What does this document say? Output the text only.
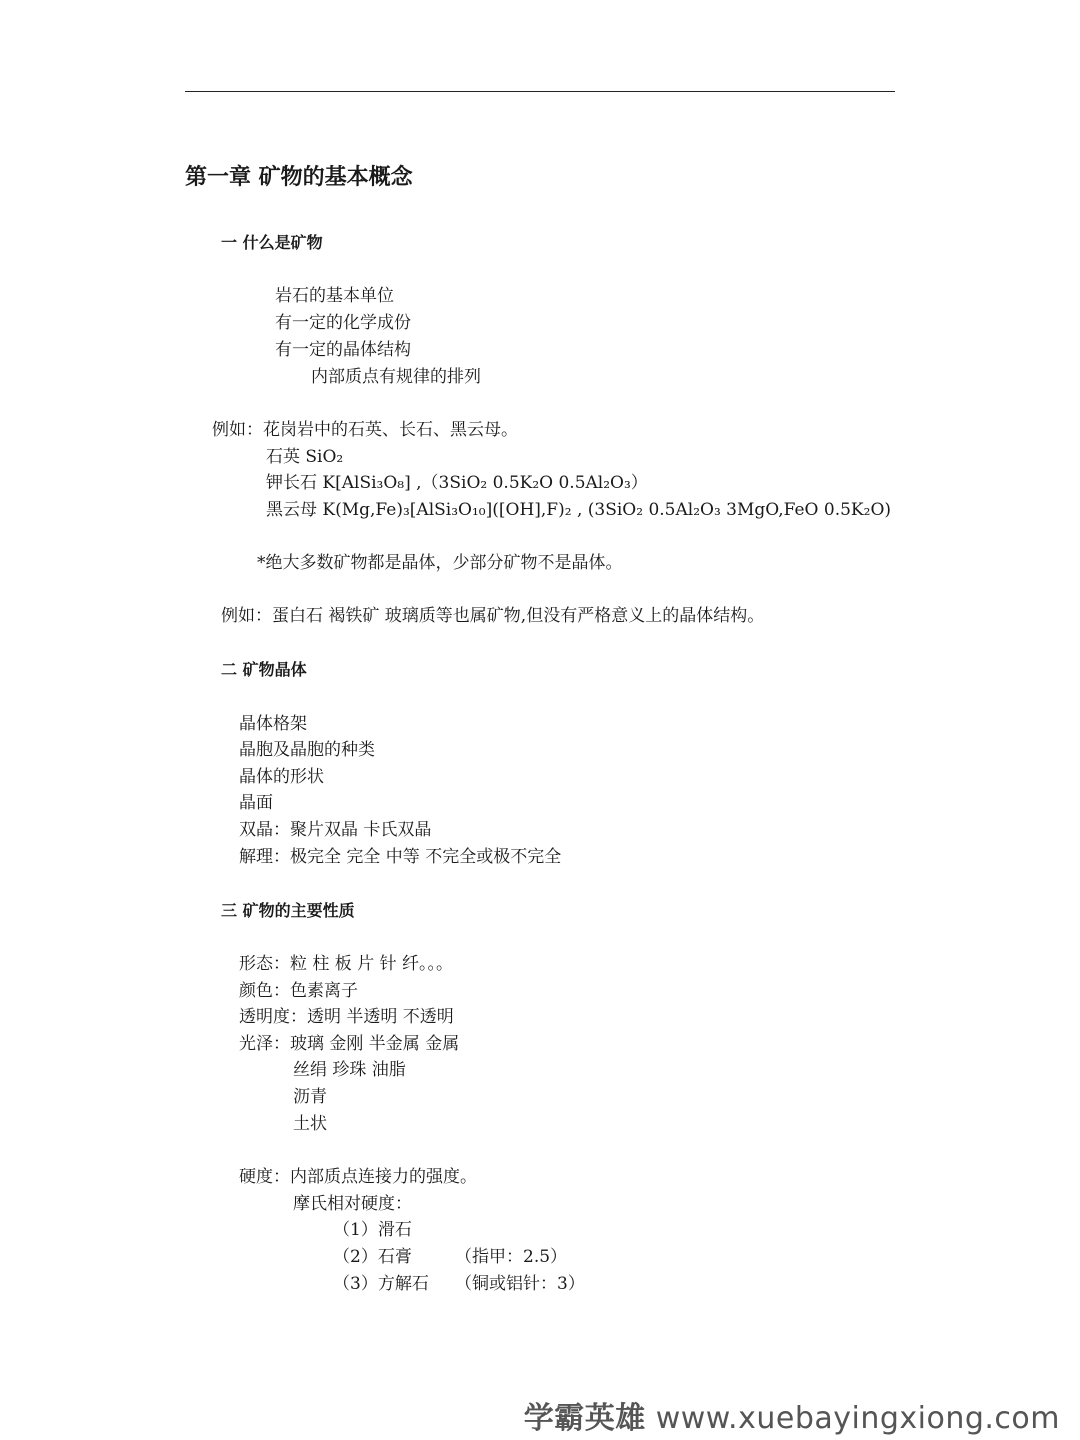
第一章 矿物的基本概念
一 什么是矿物
岩石的基本单位
有一定的化学成份
有一定的晶体结构
内部质点有规律的排列
例如：花岗岩中的石英、长石、黑云母。
石英 SiO₂
钾长石 K[AlSi₃O₈] ,（3SiO₂ 0.5K₂O 0.5Al₂O₃）
黑云母 K(Mg,Fe)₃[AlSi₃O₁₀]([OH],F)₂ , (3SiO₂ 0.5Al₂O₃ 3MgO,FeO 0.5K₂O)
*绝大多数矿物都是晶体，少部分矿物不是晶体。
例如：蛋白石 褐铁矿 玻璃质等也属矿物,但没有严格意义上的晶体结构。
二 矿物晶体
晶体格架
晶胞及晶胞的种类
晶体的形状
晶面
双晶：聚片双晶 卡氏双晶
解理：极完全 完全 中等 不完全或极不完全
三 矿物的主要性质
形态：粒 柱 板 片 针 纤。。。
颜色：色素离子
透明度：透明 半透明 不透明
光泽：玻璃 金刚 半金属 金属
丝绢 珍珠 油脂
沥青
土状
硬度：内部质点连接力的强度。
摩氏相对硬度：
（1）滑石
（2）石膏	（指甲：2.5）
（3）方解石 （铜或铝针：3）
学霸英雄 www.xuebayingxiong.com
